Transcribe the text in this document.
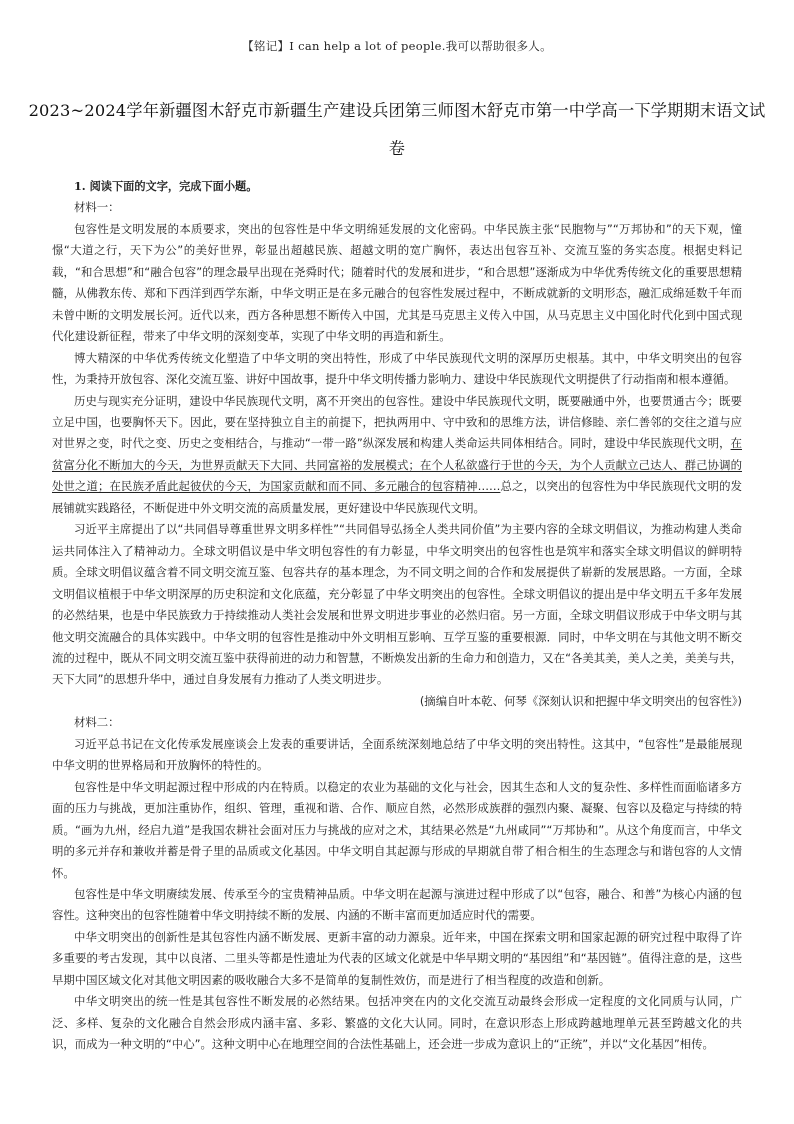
【铭记】I can help a lot of people.我可以帮助很多人。
2023~2024学年新疆图木舒克市新疆生产建设兵团第三师图木舒克市第一中学高一下学期期末语文试卷

1. 阅读下面的文字，完成下面小题。

材料一：

包容性是文明发展的本质要求，突出的包容性是中华文明绵延发展的文化密码。中华民族主张“民胞物与”“万邦协和”的天下观，憧憬“大道之行，天下为公”的美好世界，彰显出超越民族、超越文明的宽广胸怀，表达出包容互补、交流互鉴的务实态度。根据史料记载，“和合思想”和“融合包容”的理念最早出现在尧舜时代；随着时代的发展和进步，“和合思想”逐渐成为中华优秀传统文化的重要思想精髓，从佛教东传、郑和下西洋到西学东渐，中华文明正是在多元融合的包容性发展过程中，不断成就新的文明形态，融汇成绵延数千年而未曾中断的文明发展长河。近代以来，西方各种思想不断传入中国，尤其是马克思主义传入中国，从马克思主义中国化时代化到中国式现代化建设新征程，带来了中华文明的深刻变革，实现了中华文明的再造和新生。

博大精深的中华优秀传统文化塑造了中华文明的突出特性，形成了中华民族现代文明的深厚历史根基。其中，中华文明突出的包容性，为秉持开放包容、深化交流互鉴、讲好中国故事，提升中华文明传播力影响力、建设中华民族现代文明提供了行动指南和根本遵循。

历史与现实充分证明，建设中华民族现代文明，离不开突出的包容性。建设中华民族现代文明，既要融通中外，也要贯通古今；既要立足中国，也要胸怀天下。因此，要在坚持独立自主的前提下，把执两用中、守中致和的思维方法，讲信修睦、亲仁善邻的交往之道与应对世界之变，时代之变、历史之变相结合，与推动“一带一路”纵深发展和构建人类命运共同体相结合。同时，建设中华民族现代文明，在贫富分化不断加大的今天，为世界贡献天下大同、共同富裕的发展模式；在个人私欲盛行于世的今天，为个人贡献立己达人、群己协调的处世之道；在民族矛盾此起彼伏的今天，为国家贡献和而不同、多元融合的包容精神……总之，以突出的包容性为中华民族现代文明的发展铺就实践路径，不断促进中外文明交流的高质量发展，更好建设中华民族现代文明。

习近平主席提出了以“共同倡导尊重世界文明多样性”“共同倡导弘扬全人类共同价值”为主要内容的全球文明倡议，为推动构建人类命运共同体注入了精神动力。全球文明倡议是中华文明包容性的有力彰显，中华文明突出的包容性也是筑牢和落实全球文明倡议的鲜明特质。全球文明倡议蕴含着不同文明交流互鉴、包容共存的基本理念，为不同文明之间的合作和发展提供了崭新的发展思路。一方面，全球文明倡议植根于中华文明深厚的历史积淀和文化底蕴，充分彰显了中华文明突出的包容性。全球文明倡议的提出是中华文明五千多年发展的必然结果，也是中华民族致力于持续推动人类社会发展和世界文明进步事业的必然归宿。另一方面，全球文明倡议形成于中华文明与其他文明交流融合的具体实践中。中华文明的包容性是推动中外文明相互影响、互学互鉴的重要根源．同时，中华文明在与其他文明不断交流的过程中，既从不同文明交流互鉴中获得前进的动力和智慧，不断焕发出新的生命力和创造力，又在“各美其美，美人之美，美美与共，天下大同”的思想升华中，通过自身发展有力推动了人类文明进步。

(摘编自叶本乾、何琴《深刻认识和把握中华文明突出的包容性》)

材料二：

习近平总书记在文化传承发展座谈会上发表的重要讲话，全面系统深刻地总结了中华文明的突出特性。这其中，“包容性”是最能展现中华文明的世界格局和开放胸怀的特性的。

包容性是中华文明起源过程中形成的内在特质。以稳定的农业为基础的文化与社会，因其生态和人文的复杂性、多样性而面临诸多方面的压力与挑战，更加注重协作，组织、管理，重视和谐、合作、顺应自然，必然形成族群的强烈内聚、凝聚、包容以及稳定与持续的特质。“画为九州，经启九道”是我国农耕社会面对压力与挑战的应对之术，其结果必然是“九州咸同”“万邦协和”。从这个角度而言，中华文明的多元并存和兼收并蓄是骨子里的品质或文化基因。中华文明自其起源与形成的早期就自带了相合相生的生态理念与和谐包容的人文情怀。

包容性是中华文明赓续发展、传承至今的宝贵精神品质。中华文明在起源与演进过程中形成了以“包容，融合、和善”为核心内涵的包容性。这种突出的包容性随着中华文明持续不断的发展、内涵的不断丰富而更加适应时代的需要。

中华文明突出的创新性是其包容性内涵不断发展、更新丰富的动力源泉。近年来，中国在探索文明和国家起源的研究过程中取得了许多重要的考古发现，其中以良渚、二里头等都是性遗址为代表的区域文化就是中华早期文明的“基因组”和“基因链”。值得注意的是，这些早期中国区域文化对其他文明因素的吸收融合大多不是简单的复制性效仿，而是进行了相当程度的改造和创新。

中华文明突出的统一性是其包容性不断发展的必然结果。包括冲突在内的文化交流互动最终会形成一定程度的文化同质与认同，广泛、多样、复杂的文化融合自然会形成内涵丰富、多彩、繁盛的文化大认同。同时，在意识形态上形成跨越地理单元甚至跨越文化的共识，而成为一种文明的“中心”。这种文明中心在地理空间的合法性基础上，还会进一步成为意识上的“正统”，并以“文化基因”相传。
